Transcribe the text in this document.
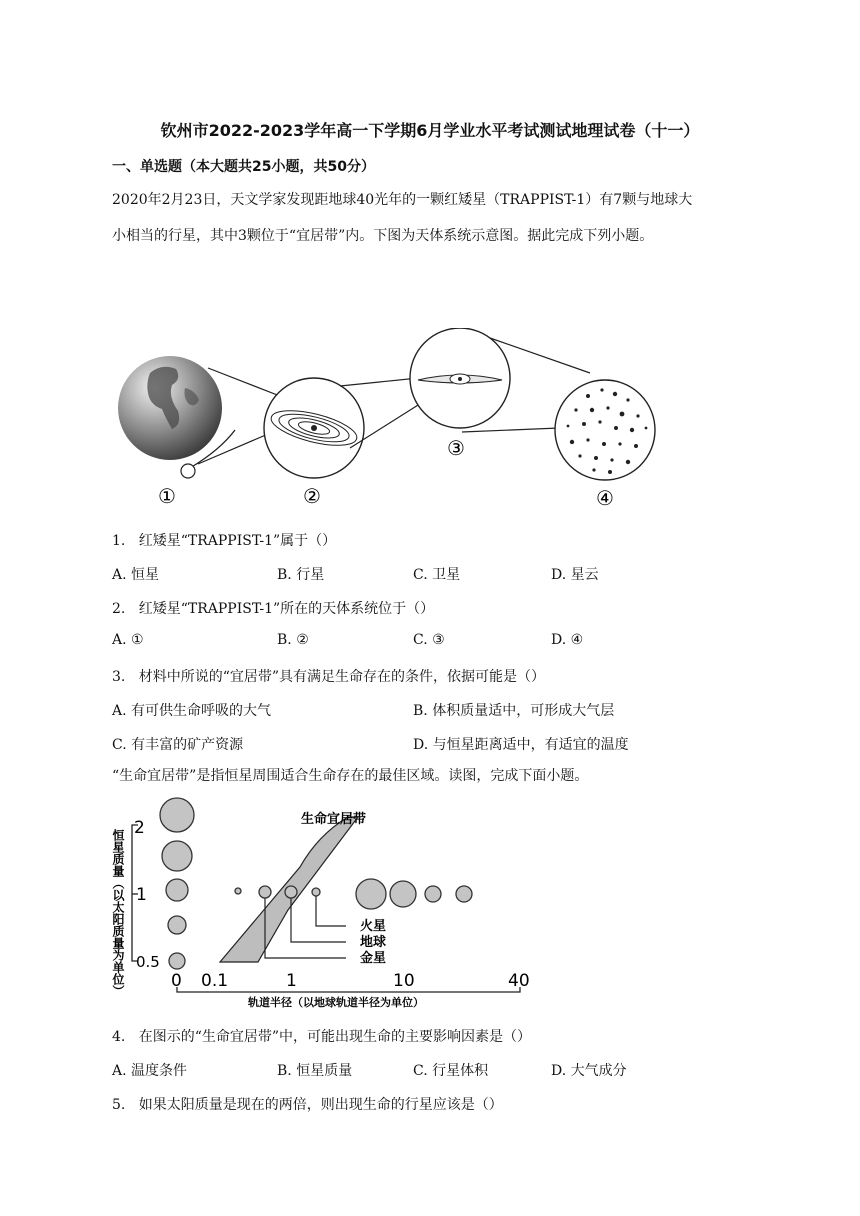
钦州市2022-2023学年高一下学期6月学业水平考试测试地理试卷（十一）
一、单选题（本大题共25小题，共50分）
2020年2月23日，天文学家发现距地球40光年的一颗红矮星（TRAPPIST-1）有7颗与地球大
小相当的行星，其中3颗位于“宜居带”内。下图为天体系统示意图。据此完成下列小题。
①	②
③
④
1. 红矮星“TRAPPIST-1”属于（）
A. 恒星	B. 行星	C. 卫星	D. 星云
2. 红矮星“TRAPPIST-1”所在的天体系统位于（）
A. ①	B. ②	C. ③	D. ④
3. 材料中所说的“宜居带”具有满足生命存在的条件，依据可能是（）
A. 有可供生命呼吸的大气	B. 体积质量适中，可形成大气层
C. 有丰富的矿产资源	D. 与恒星距离适中，有适宜的温度
“生命宜居带”是指恒星周围适合生命存在的最佳区域。读图，完成下面小题。
恒星质量（以太阳质量为单位）
2
1
0.5
生命宜居带
火星
地球
金星
0 0.1	1	10	40
轨道半径（以地球轨道半径为单位）
4. 在图示的“生命宜居带”中，可能出现生命的主要影响因素是（）
A. 温度条件	B. 恒星质量	C. 行星体积	D. 大气成分
5. 如果太阳质量是现在的两倍，则出现生命的行星应该是（）
